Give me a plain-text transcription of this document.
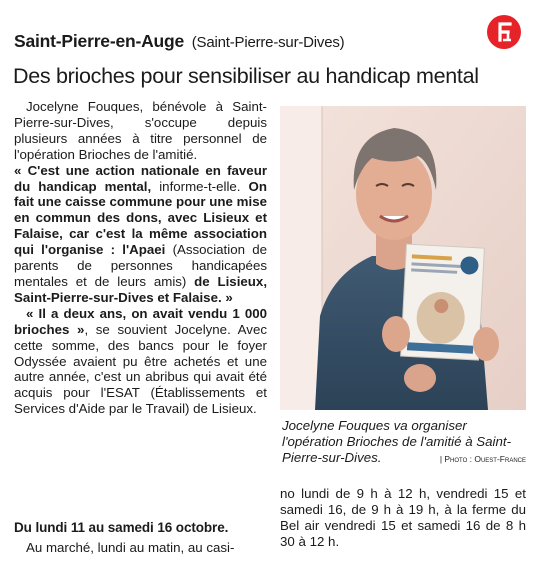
Saint-Pierre-en-Auge (Saint-Pierre-sur-Dives)
Des brioches pour sensibiliser au handicap mental

Jocelyne Fouques, bénévole à Saint-Pierre-sur-Dives, s'occupe depuis plusieurs années à titre personnel de l'opération Brioches de l'amitié.

« C'est une action nationale en faveur du handicap mental, informe-t-elle. On fait une caisse commune pour une mise en commun des dons, avec Lisieux et Falaise, car c'est la même association qui l'organise : l'Apaei (Association de parents de personnes handicapées mentales et de leurs amis) de Lisieux, Saint-Pierre-sur-Dives et Falaise. »

« Il a deux ans, on avait vendu 1 000 brioches », se souvient Jocelyne. Avec cette somme, des bancs pour le foyer Odyssée avaient pu être achetés et une autre année, c'est un abribus qui avait été acquis pour l'ESAT (Établissements et Services d'Aide par le Travail) de Lisieux.

Du lundi 11 au samedi 16 octobre.
Au marché, lundi au matin, au casi-
no lundi de 9 h à 12 h, vendredi 15 et samedi 16, de 9 h à 19 h, à la ferme du Bel air vendredi 15 et samedi 16 de 8 h 30 à 12 h.
Jocelyne Fouques va organiser l'opération Brioches de l'amitié à Saint-Pierre-sur-Dives.	| Photo : Ouest-France
